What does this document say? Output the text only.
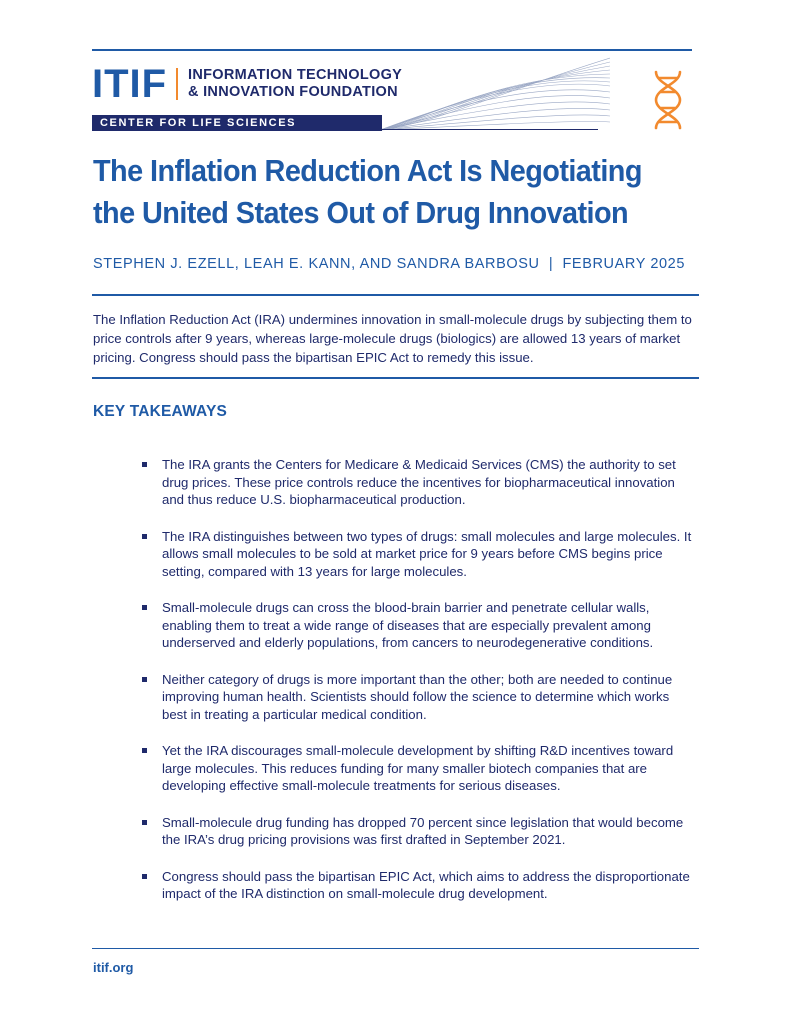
ITIF INFORMATION TECHNOLOGY
& INNOVATION FOUNDATION
CENTER FOR LIFE SCIENCES INNOVATION
The Inflation Reduction Act Is Negotiating
the United States Out of Drug Innovation
STEPHEN J. EZELL, LEAH E. KANN, AND SANDRA BARBOSU  |  FEBRUARY 2025
The Inflation Reduction Act (IRA) undermines innovation in small-molecule drugs by subjecting them to price controls after 9 years, whereas large-molecule drugs (biologics) are allowed 13 years of market pricing. Congress should pass the bipartisan EPIC Act to remedy this issue.
KEY TAKEAWAYS
The IRA grants the Centers for Medicare & Medicaid Services (CMS) the authority to set drug prices. These price controls reduce the incentives for biopharmaceutical innovation and thus reduce U.S. biopharmaceutical production.
The IRA distinguishes between two types of drugs: small molecules and large molecules. It allows small molecules to be sold at market price for 9 years before CMS begins price setting, compared with 13 years for large molecules.
Small-molecule drugs can cross the blood-brain barrier and penetrate cellular walls, enabling them to treat a wide range of diseases that are especially prevalent among underserved and elderly populations, from cancers to neurodegenerative conditions.
Neither category of drugs is more important than the other; both are needed to continue improving human health. Scientists should follow the science to determine which works best in treating a particular medical condition.
Yet the IRA discourages small-molecule development by shifting R&D incentives toward large molecules. This reduces funding for many smaller biotech companies that are developing effective small-molecule treatments for serious diseases.
Small-molecule drug funding has dropped 70 percent since legislation that would become the IRA’s drug pricing provisions was first drafted in September 2021.
Congress should pass the bipartisan EPIC Act, which aims to address the disproportionate impact of the IRA distinction on small-molecule drug development.
itif.org
